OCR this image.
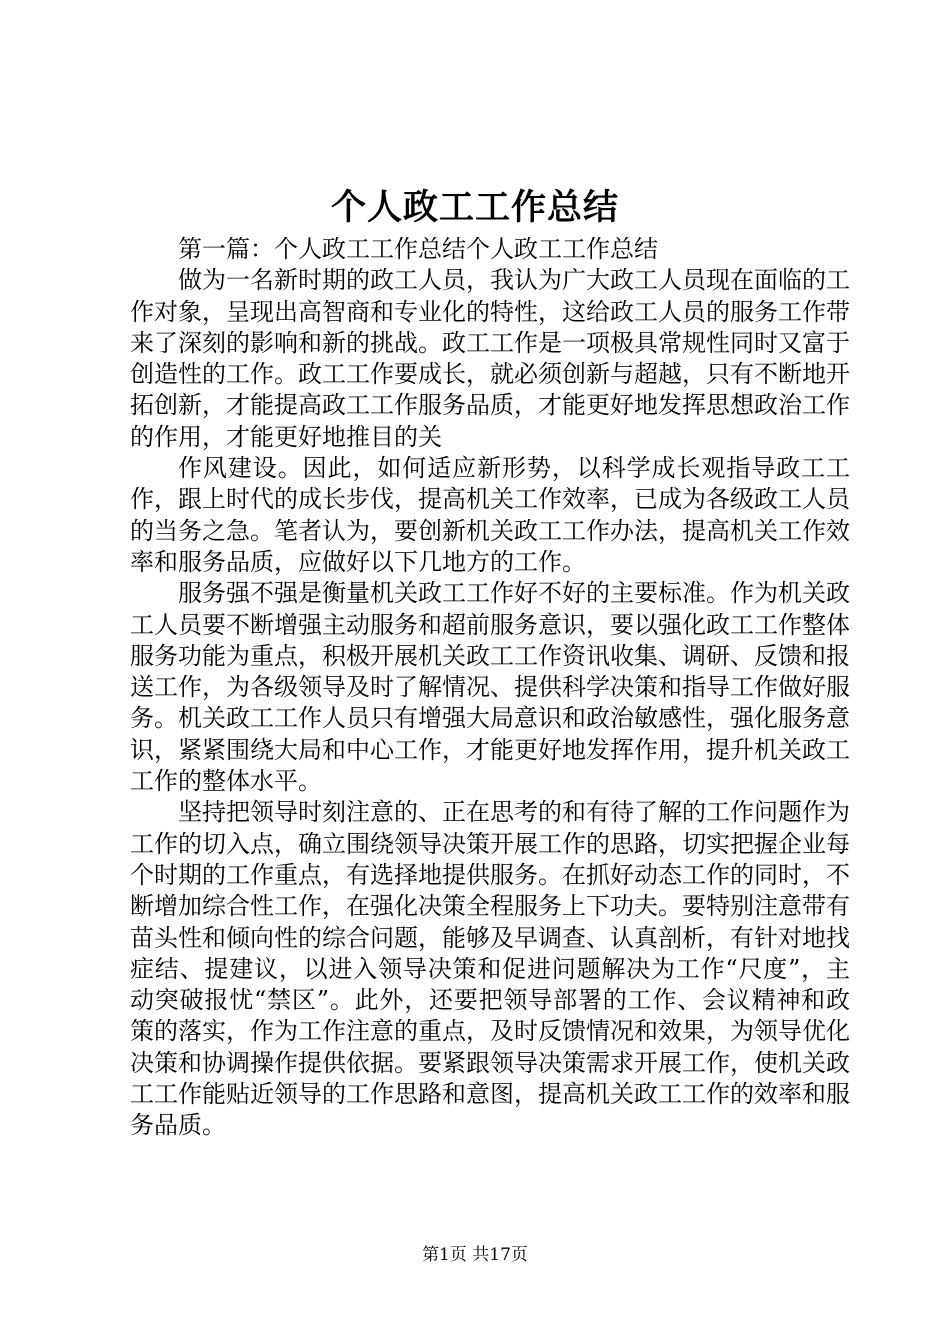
个人政工工作总结

第一篇：个人政工工作总结个人政工工作总结

做为一名新时期的政工人员，我认为广大政工人员现在面临的工作对象，呈现出高智商和专业化的特性，这给政工人员的服务工作带来了深刻的影响和新的挑战。政工工作是一项极具常规性同时又富于创造性的工作。政工工作要成长，就必须创新与超越，只有不断地开拓创新，才能提高政工工作服务品质，才能更好地发挥思想政治工作的作用，才能更好地推目的关

作风建设。因此，如何适应新形势，以科学成长观指导政工工作，跟上时代的成长步伐，提高机关工作效率，已成为各级政工人员的当务之急。笔者认为，要创新机关政工工作办法，提高机关工作效率和服务品质，应做好以下几地方的工作。

服务强不强是衡量机关政工工作好不好的主要标准。作为机关政工人员要不断增强主动服务和超前服务意识，要以强化政工工作整体服务功能为重点，积极开展机关政工工作资讯收集、调研、反馈和报送工作，为各级领导及时了解情况、提供科学决策和指导工作做好服务。机关政工工作人员只有增强大局意识和政治敏感性，强化服务意识，紧紧围绕大局和中心工作，才能更好地发挥作用，提升机关政工工作的整体水平。

坚持把领导时刻注意的、正在思考的和有待了解的工作问题作为工作的切入点，确立围绕领导决策开展工作的思路，切实把握企业每个时期的工作重点，有选择地提供服务。在抓好动态工作的同时，不断增加综合性工作，在强化决策全程服务上下功夫。要特别注意带有苗头性和倾向性的综合问题，能够及早调查、认真剖析，有针对地找症结、提建议，以进入领导决策和促进问题解决为工作“尺度”，主动突破报忧“禁区”。此外，还要把领导部署的工作、会议精神和政策的落实，作为工作注意的重点，及时反馈情况和效果，为领导优化决策和协调操作提供依据。要紧跟领导决策需求开展工作，使机关政工工作能贴近领导的工作思路和意图，提高机关政工工作的效率和服务品质。

第1页 共17页
